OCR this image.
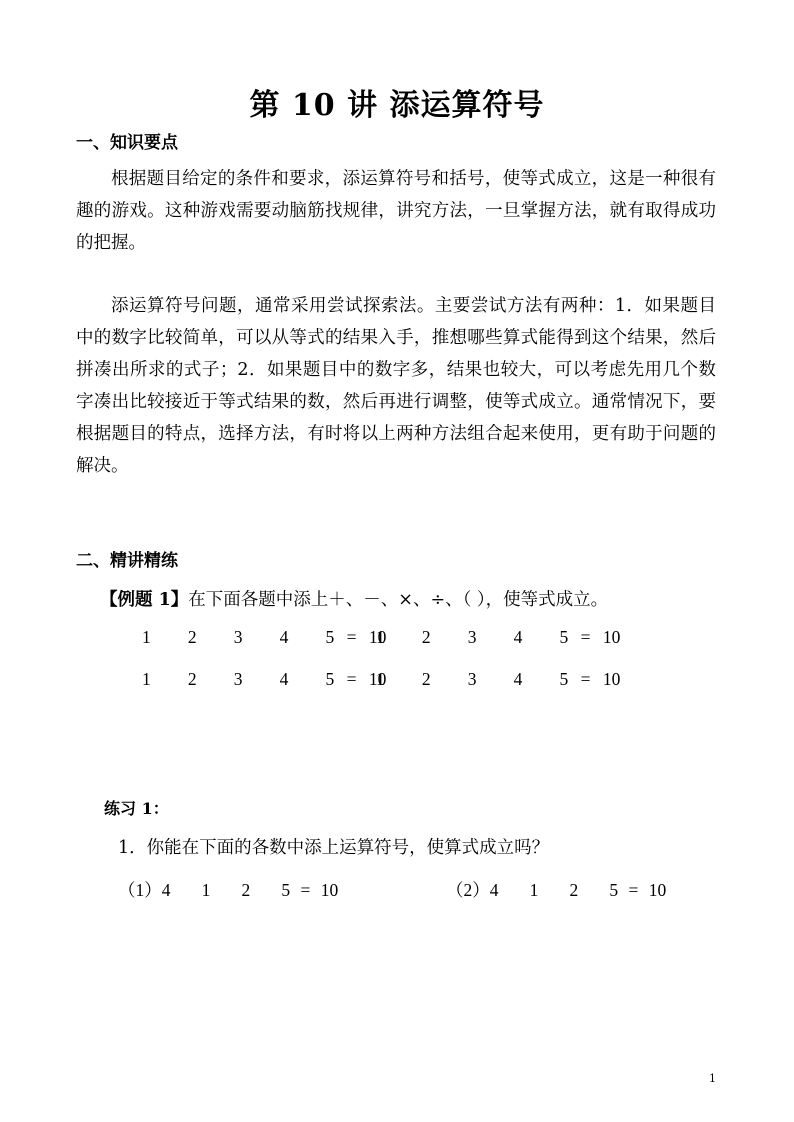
第 10 讲 添运算符号
一、知识要点
根据题目给定的条件和要求，添运算符号和括号，使等式成立，这是一种很有趣的游戏。这种游戏需要动脑筋找规律，讲究方法，一旦掌握方法，就有取得成功的把握。
添运算符号问题，通常采用尝试探索法。主要尝试方法有两种：1．如果题目中的数字比较简单，可以从等式的结果入手，推想哪些算式能得到这个结果，然后拼凑出所求的式子；2．如果题目中的数字多，结果也较大，可以考虑先用几个数字凑出比较接近于等式结果的数，然后再进行调整，使等式成立。通常情况下，要根据题目的特点，选择方法，有时将以上两种方法组合起来使用，更有助于问题的解决。
二、精讲精练
【例题 1】在下面各题中添上＋、－、×、÷、（ ），使等式成立。
1   2   3   4   5 = 10
1   2   3   4   5 = 10
1   2   3   4   5 = 10
1   2   3   4   5 = 10
练习 1：
1．你能在下面的各数中添上运算符号，使算式成立吗？
（1）4   1   2   5 = 10	（2）4   1   2   5 = 10
1
